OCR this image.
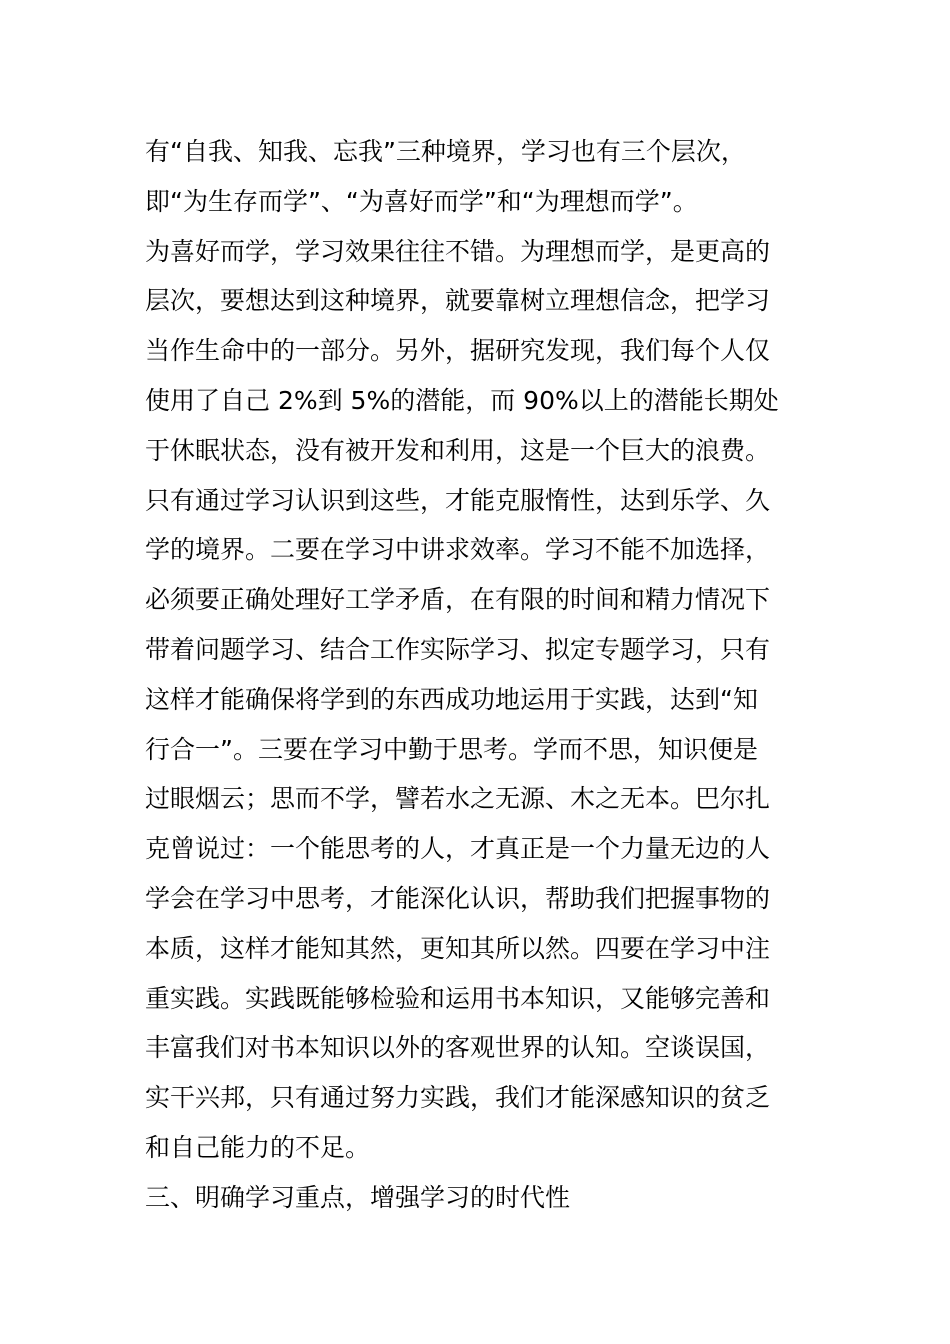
有“自我、知我、忘我”三种境界，学习也有三个层次，
即“为生存而学”、“为喜好而学”和“为理想而学”。
为喜好而学，学习效果往往不错。为理想而学，是更高的
层次，要想达到这种境界，就要靠树立理想信念，把学习
当作生命中的一部分。另外，据研究发现，我们每个人仅
使用了自己 2%到 5%的潜能，而 90%以上的潜能长期处
于休眠状态，没有被开发和利用，这是一个巨大的浪费。
只有通过学习认识到这些，才能克服惰性，达到乐学、久
学的境界。二要在学习中讲求效率。学习不能不加选择，
必须要正确处理好工学矛盾，在有限的时间和精力情况下
带着问题学习、结合工作实际学习、拟定专题学习，只有
这样才能确保将学到的东西成功地运用于实践，达到“知
行合一”。三要在学习中勤于思考。学而不思，知识便是
过眼烟云；思而不学，譬若水之无源、木之无本。巴尔扎
克曾说过：一个能思考的人，才真正是一个力量无边的人
学会在学习中思考，才能深化认识，帮助我们把握事物的
本质，这样才能知其然，更知其所以然。四要在学习中注
重实践。实践既能够检验和运用书本知识，又能够完善和
丰富我们对书本知识以外的客观世界的认知。空谈误国，
实干兴邦，只有通过努力实践，我们才能深感知识的贫乏
和自己能力的不足。
三、明确学习重点，增强学习的时代性
